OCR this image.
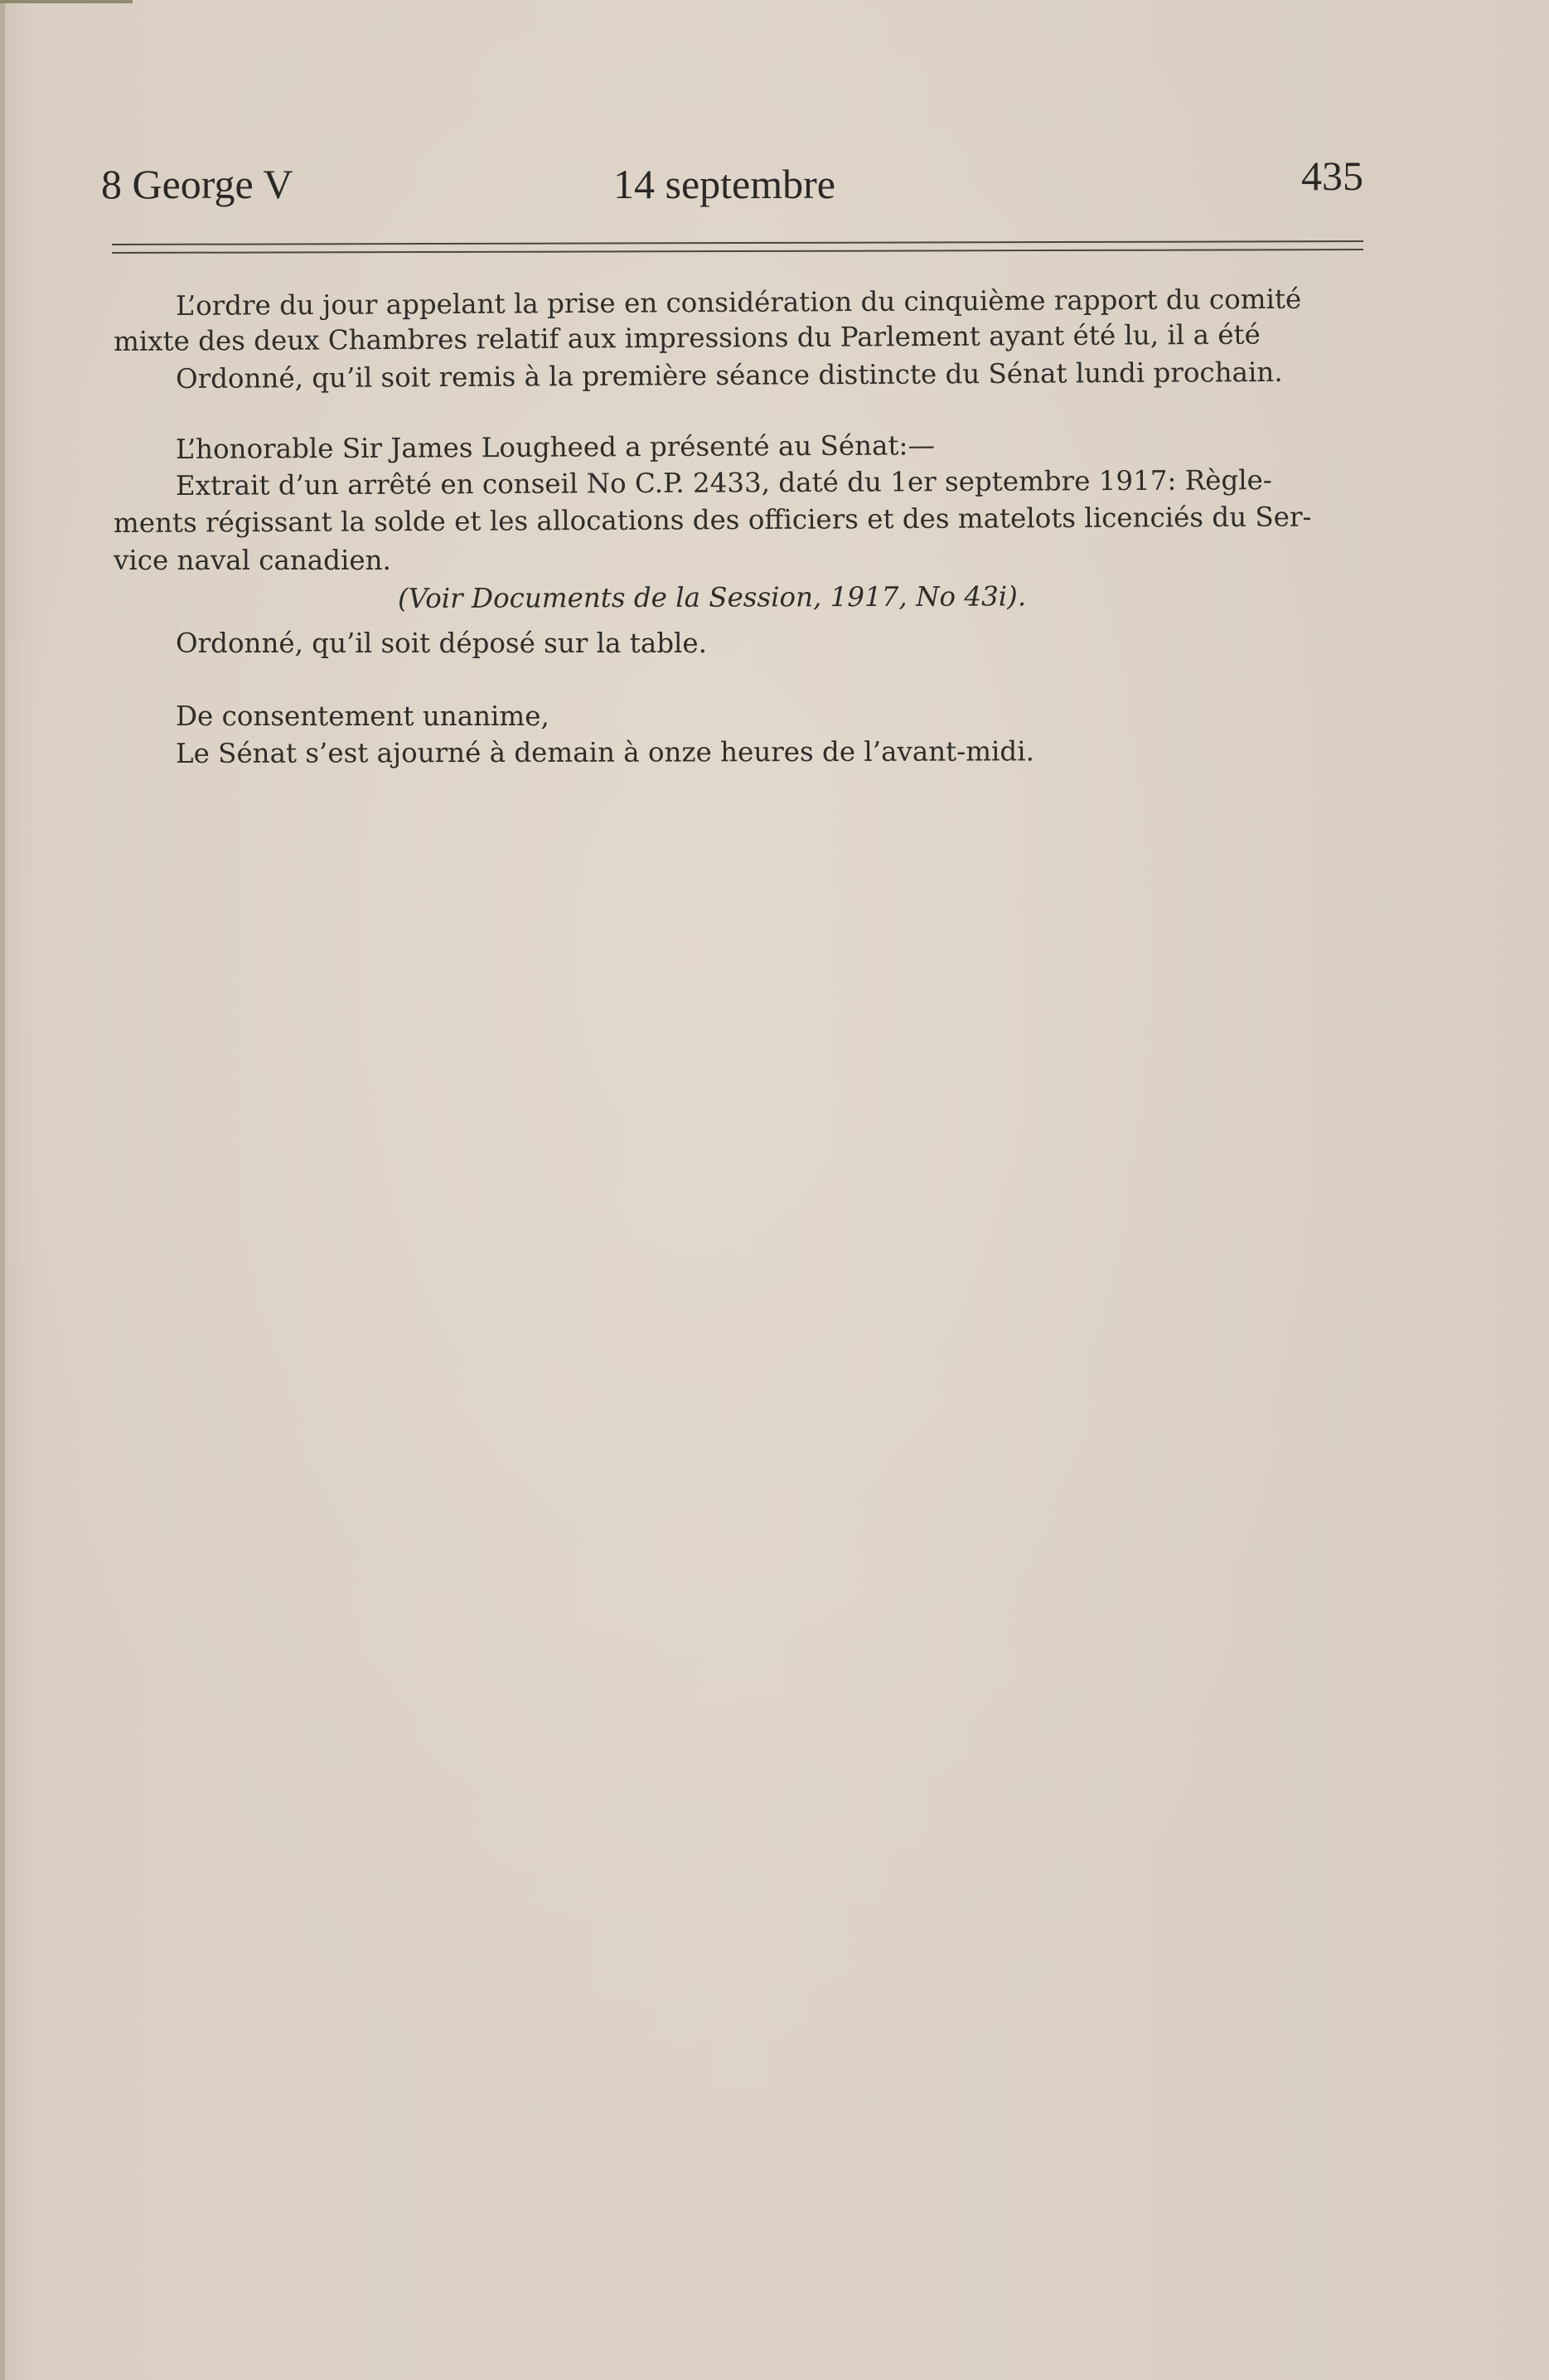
8 George V	14 septembre	435
L’ordre du jour appelant la prise en considération du cinquième rapport du comité
mixte des deux Chambres relatif aux impressions du Parlement ayant été lu, il a été
Ordonné, qu’il soit remis à la première séance distincte du Sénat lundi prochain.
L’honorable Sir James Lougheed a présenté au Sénat:—
Extrait d’un arrêté en conseil No C.P. 2433, daté du 1er septembre 1917: Règle-
ments régissant la solde et les allocations des officiers et des matelots licenciés du Ser-
vice naval canadien.
(Voir Documents de la Session, 1917, No 43i).
Ordonné, qu’il soit déposé sur la table.
De consentement unanime,
Le Sénat s’est ajourné à demain à onze heures de l’avant-midi.
